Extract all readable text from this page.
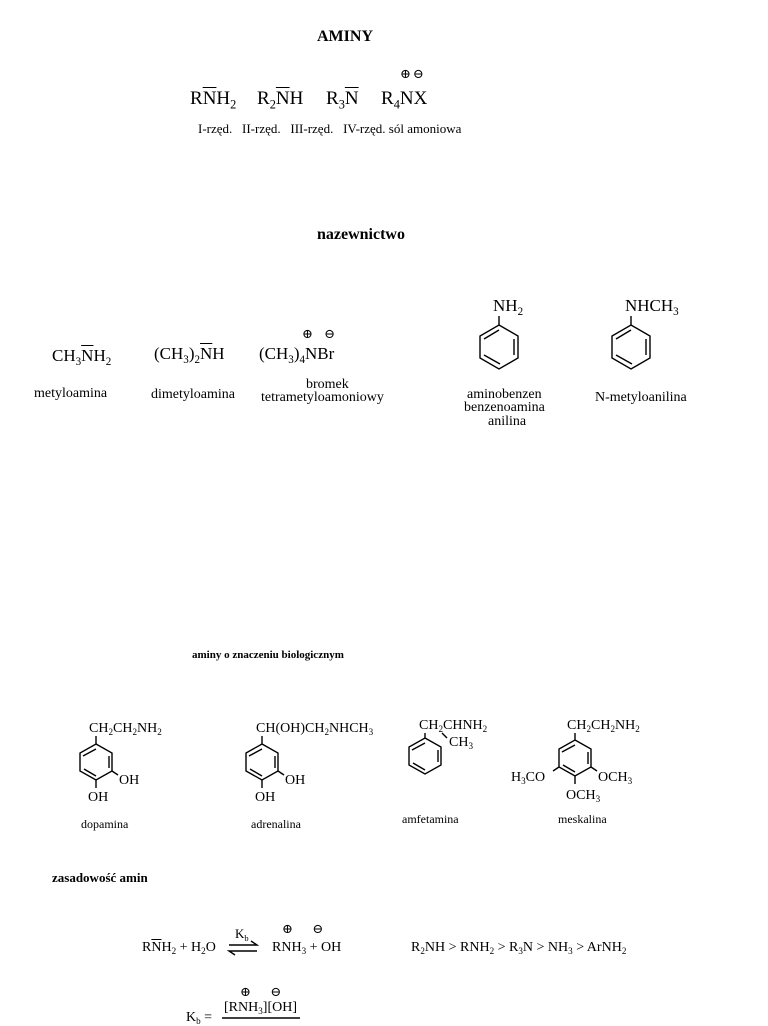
AMINY
⊕⊖
$R\overline{N}H_2$ $R_2\overline{N}H$ $R_3\overline{N}$ $R_4NX$
I-rzęd.   II-rzęd.   III-rzęd.   IV-rzęd. sól amoniowa
nazewnictwo
$CH_3\overline{N}H_2$
metyloamina
$(CH_3)_2\overline{N}H$
dimetyloamina
⊕ ⊖
$(CH_3)_4NBr$
bromek
tetrametyloamoniowy
$NH_2$
aminobenzen
benzenoamina
anilina
$NHCH_3$
N-metyloanilina
aminy o znaczeniu biologicznym
$CH_2CH_2NH_2$
OH
OH
dopamina
$CH(OH)CH_2NHCH_3$
OH
OH
adrenalina
$CH_2CHNH_2$
$CH_3$
amfetamina
$CH_2CH_2NH_2$
$H_3CO$	$OCH_3$
$OCH_3$
meskalina
zasadowość amin
$R\overline{N}H_2 + H_2O$
$K_b$
⊕      ⊖
$RNH_3$ + OH	$R_2NH > RNH_2 > R_3N > NH_3$ > ArNH$_2$
⊕      ⊖
$[RNH_3][OH]$
$K_b$ =
